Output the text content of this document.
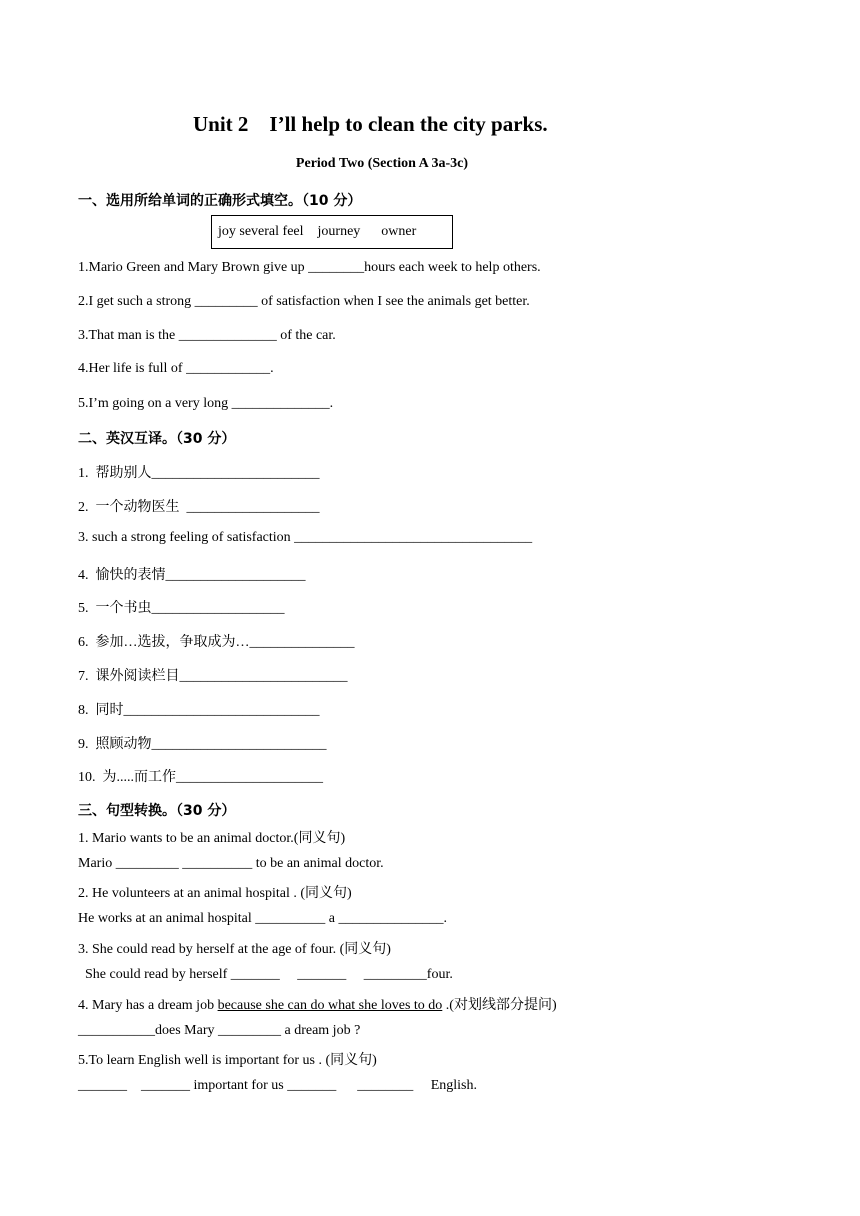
Unit 2    I’ll help to clean the city parks.
Period Two (Section A 3a-3c)
一、选用所给单词的正确形式填空。（10 分）
joy several feel    journey      owner
1.Mario Green and Mary Brown give up ________hours each week to help others.
2.I get such a strong _________ of satisfaction when I see the animals get better.
3.That man is the ______________ of the car.
4.Her life is full of ____________.
5.I’m going on a very long ______________.
二、英汉互译。（30 分）
1.  帮助别人________________________
2.  一个动物医生  ___________________
3. such a strong feeling of satisfaction __________________________________
4.  愉快的表情____________________
5.  一个书虫___________________
6.  参加…选拔，争取成为…_______________
7.  课外阅读栏目________________________
8.  同时____________________________
9.  照顾动物_________________________
10.  为.....而工作_____________________
三、句型转换。（30 分）
1. Mario wants to be an animal doctor.(同义句)
Mario _________ __________ to be an animal doctor.
2. He volunteers at an animal hospital . (同义句)
He works at an animal hospital __________ a _______________.
3. She could read by herself at the age of four. (同义句)
She could read by herself _______     _______     _________four.
4. Mary has a dream job because she can do what she loves to do .(对划线部分提问)
___________does Mary _________ a dream job ?
5.To learn English well is important for us . (同义句)
_______    _______ important for us _______      ________     English.
